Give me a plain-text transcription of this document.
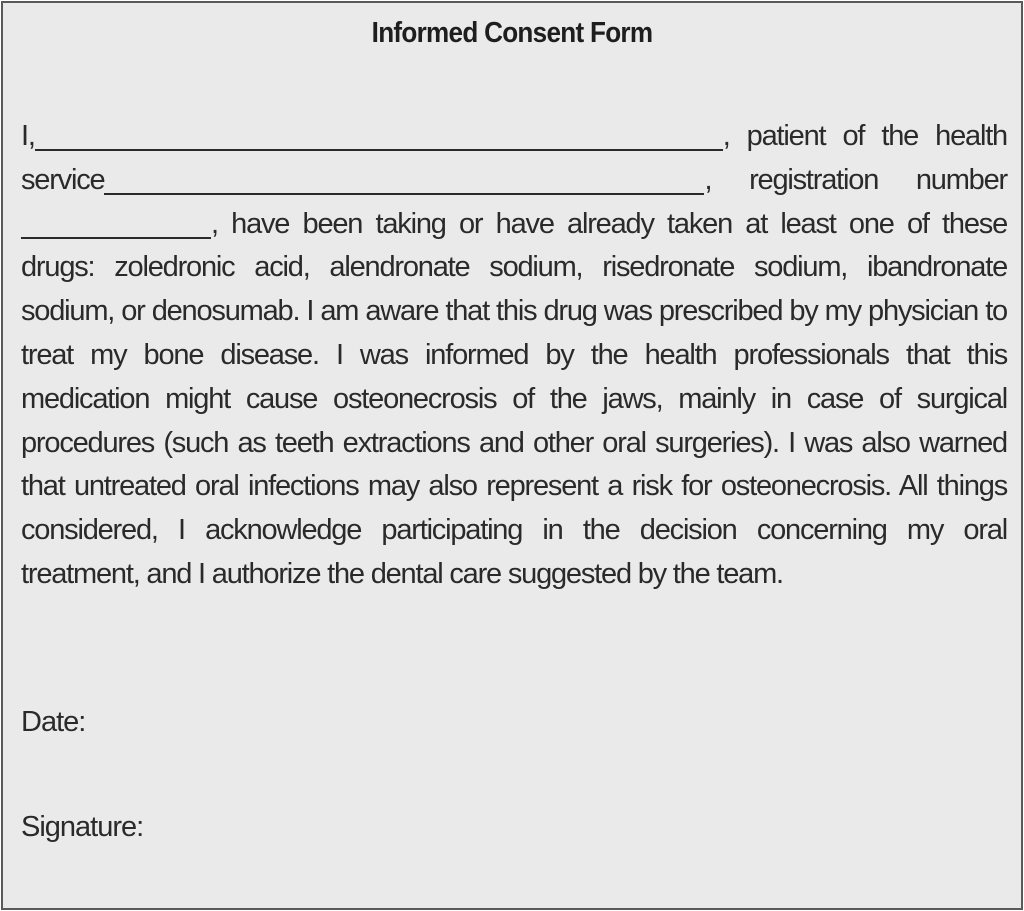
Informed Consent Form
I,	, patient of the health service	, registration number , have been taking or have already taken at least one of these drugs: zoledronic acid, alendronate sodium, risedronate sodium, ibandronate sodium, or denosumab. I am aware that this drug was prescribed by my physician to treat my bone disease. I was informed by the health professionals that this medication might cause osteonecrosis of the jaws, mainly in case of surgical procedures (such as teeth extractions and other oral surgeries). I was also warned that untreated oral infections may also represent a risk for osteonecrosis. All things considered, I acknowledge participating in the decision concerning my oral treatment, and I authorize the dental care suggested by the team.
Date:
Signature:
